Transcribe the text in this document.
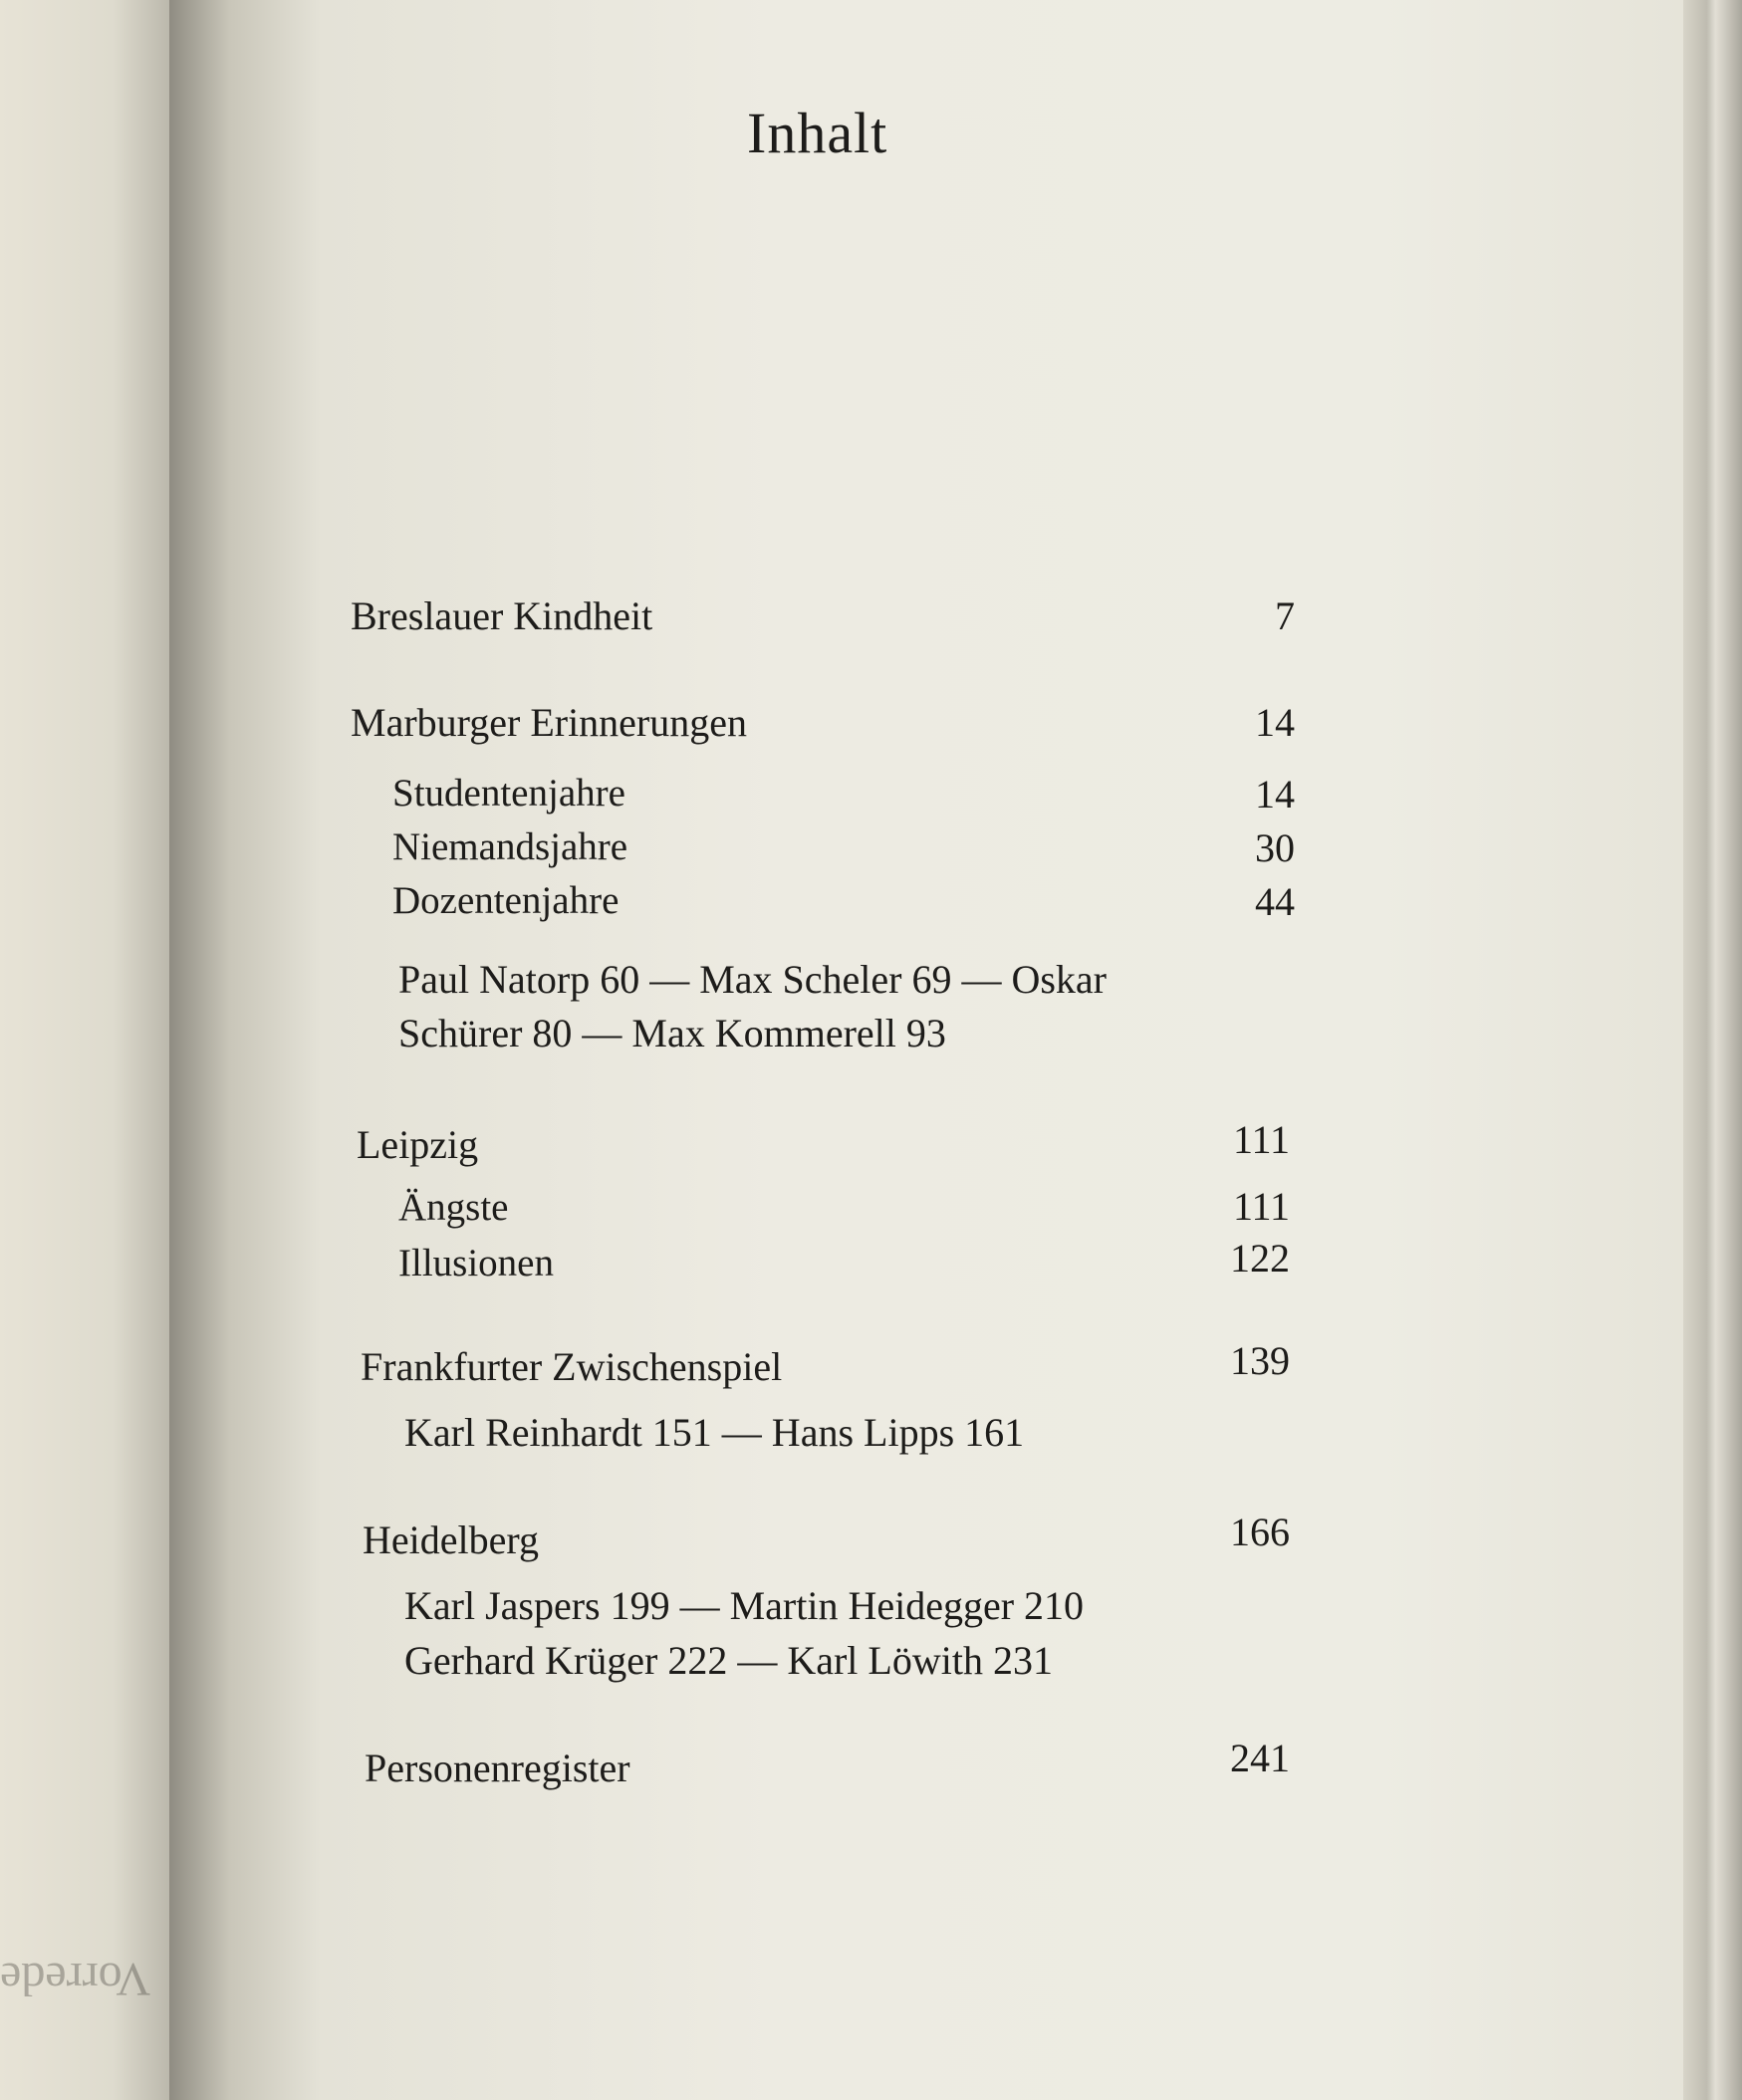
Vorrede
Inhalt
Breslauer Kindheit	7
Marburger Erinnerungen	14
Studentenjahre	14
Niemandsjahre	30
Dozentenjahre	44
Paul Natorp 60 — Max Scheler 69 — Oskar
Schürer 80 — Max Kommerell 93
Leipzig	111
Ängste	111
Illusionen	122
Frankfurter Zwischenspiel	139
Karl Reinhardt 151 — Hans Lipps 161
Heidelberg	166
Karl Jaspers 199 — Martin Heidegger 210
Gerhard Krüger 222 — Karl Löwith 231
Personenregister	241
